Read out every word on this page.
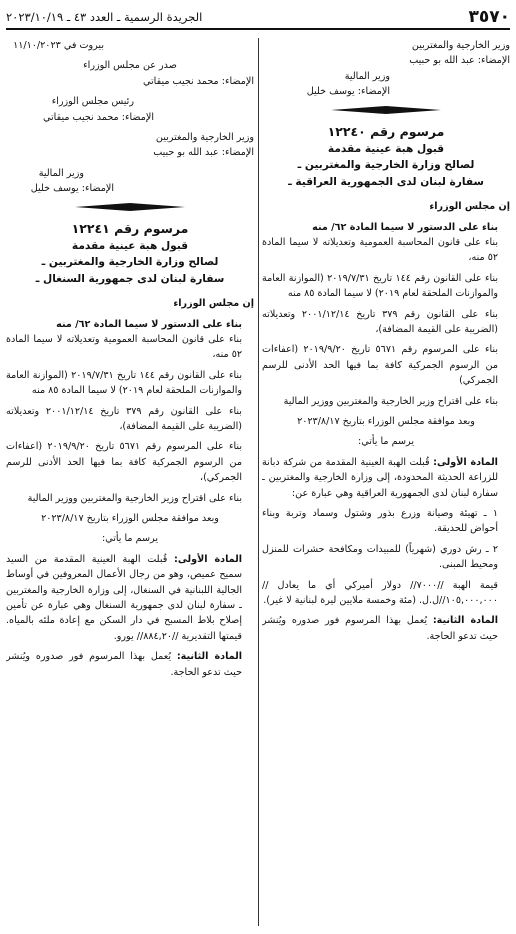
٣٥٧٠
الجريدة الرسمية ـ العدد ٤٣ ـ ٢٠٢٣/١٠/١٩

وزير الخارجية والمغتربين

الإمضاء: عبد الله بو حبيب

وزير المالية

الإمضاء: يوسف خليل

مرسوم رقم ١٢٢٤٠

قبول هبة عينية مقدمة

لصالح وزارة الخارجية والمغتربين ـ

سفارة لبنان لدى الجمهورية العراقية ـ

إن مجلس الوزراء

بناء على الدستور لا سيما المادة ٦٢/ منه

بناء على قانون المحاسبة العمومية وتعديلاته لا سيما المادة ٥٢ منه،

بناء على القانون رقم ١٤٤ تاريخ ٢٠١٩/٧/٣١ (الموازنة العامة والموازنات الملحقة لعام ٢٠١٩) لا سيما المادة ٨٥ منه

بناء على القانون رقم ٣٧٩ تاريخ ٢٠٠١/١٢/١٤ وتعديلاته (الضريبة على القيمة المضافة)،

بناء على المرسوم رقم ٥٦٧١ تاريخ ٢٠١٩/٩/٢٠ (اعفاءات من الرسوم الجمركية كافة بما فيها الحد الأدنى للرسم الجمركي)

بناء على اقتراح وزير الخارجية والمغتربين ووزير المالية

وبعد موافقة مجلس الوزراء بتاريخ ٢٠٢٣/٨/١٧

يرسم ما يأتي:

المادة الأولى: قُبلت الهبة العينية المقدمة من شركة دبانة للزراعة الحديثة المحدودة، إلى وزارة الخارجية والمغتربين ـ سفارة لبنان لدى الجمهورية العراقية وهي عبارة عن:

١ ـ تهيئة وصيانة وزرع بذور وشتول وسماد وتربة وبناء أحواض للحديقة.

٢ ـ رش دوري (شهرياً) للمبيدات ومكافحة حشرات للمنزل ومحيط المبنى.

قيمة الهبة //٧٠٠٠// دولار أميركي أي ما يعادل //١٠٥,٠٠٠,٠٠٠//ل.ل. (مئة وخمسة ملايين ليرة لبنانية لا غير).

المادة الثانية: يُعمل بهذا المرسوم فور صدوره ويُنشر حيث تدعو الحاجة.

بيروت في ١١/١٠/٢٠٢٣

صدر عن مجلس الوزراء

الإمضاء: محمد نجيب ميقاتي

رئيس مجلس الوزراء

الإمضاء: محمد نجيب ميقاتي

وزير الخارجية والمغتربين

الإمضاء: عبد الله بو حبيب

وزير المالية

الإمضاء: يوسف خليل

مرسوم رقم ١٢٢٤١

قبول هبة عينية مقدمة

لصالح وزارة الخارجية والمغتربين ـ

سفارة لبنان لدى جمهورية السنغال ـ

إن مجلس الوزراء

بناء على الدستور لا سيما المادة ٦٢/ منه

بناء على قانون المحاسبة العمومية وتعديلاته لا سيما المادة ٥٢ منه،

بناء على القانون رقم ١٤٤ تاريخ ٢٠١٩/٧/٣١ (الموازنة العامة والموازنات الملحقة لعام ٢٠١٩) لا سيما المادة ٨٥ منه

بناء على القانون رقم ٣٧٩ تاريخ ٢٠٠١/١٢/١٤ وتعديلاته (الضريبة على القيمة المضافة)،

بناء على المرسوم رقم ٥٦٧١ تاريخ ٢٠١٩/٩/٢٠ (اعفاءات من الرسوم الجمركية كافة بما فيها الحد الأدنى للرسم الجمركي)،

بناء على اقتراح وزير الخارجية والمغتربين ووزير المالية

وبعد موافقة مجلس الوزراء بتاريخ ٢٠٢٣/٨/١٧

يرسم ما يأتي:

المادة الأولى: قُبلت الهبة العينية المقدمة من السيد سميح عميص، وهو من رجال الأعمال المعروفين في أوساط الجالية اللبنانية في السنغال، إلى وزارة الخارجية والمغتربين ـ سفارة لبنان لدى جمهورية السنغال وهي عبارة عن تأمين إصلاح بلاط المسبح في دار السكن مع إعادة ملئه بالمياه. قيمتها التقديرية //٨٨٤,٢٠// يورو.

المادة الثانية: يُعمل بهذا المرسوم فور صدوره ويُنشر حيث تدعو الحاجة.
